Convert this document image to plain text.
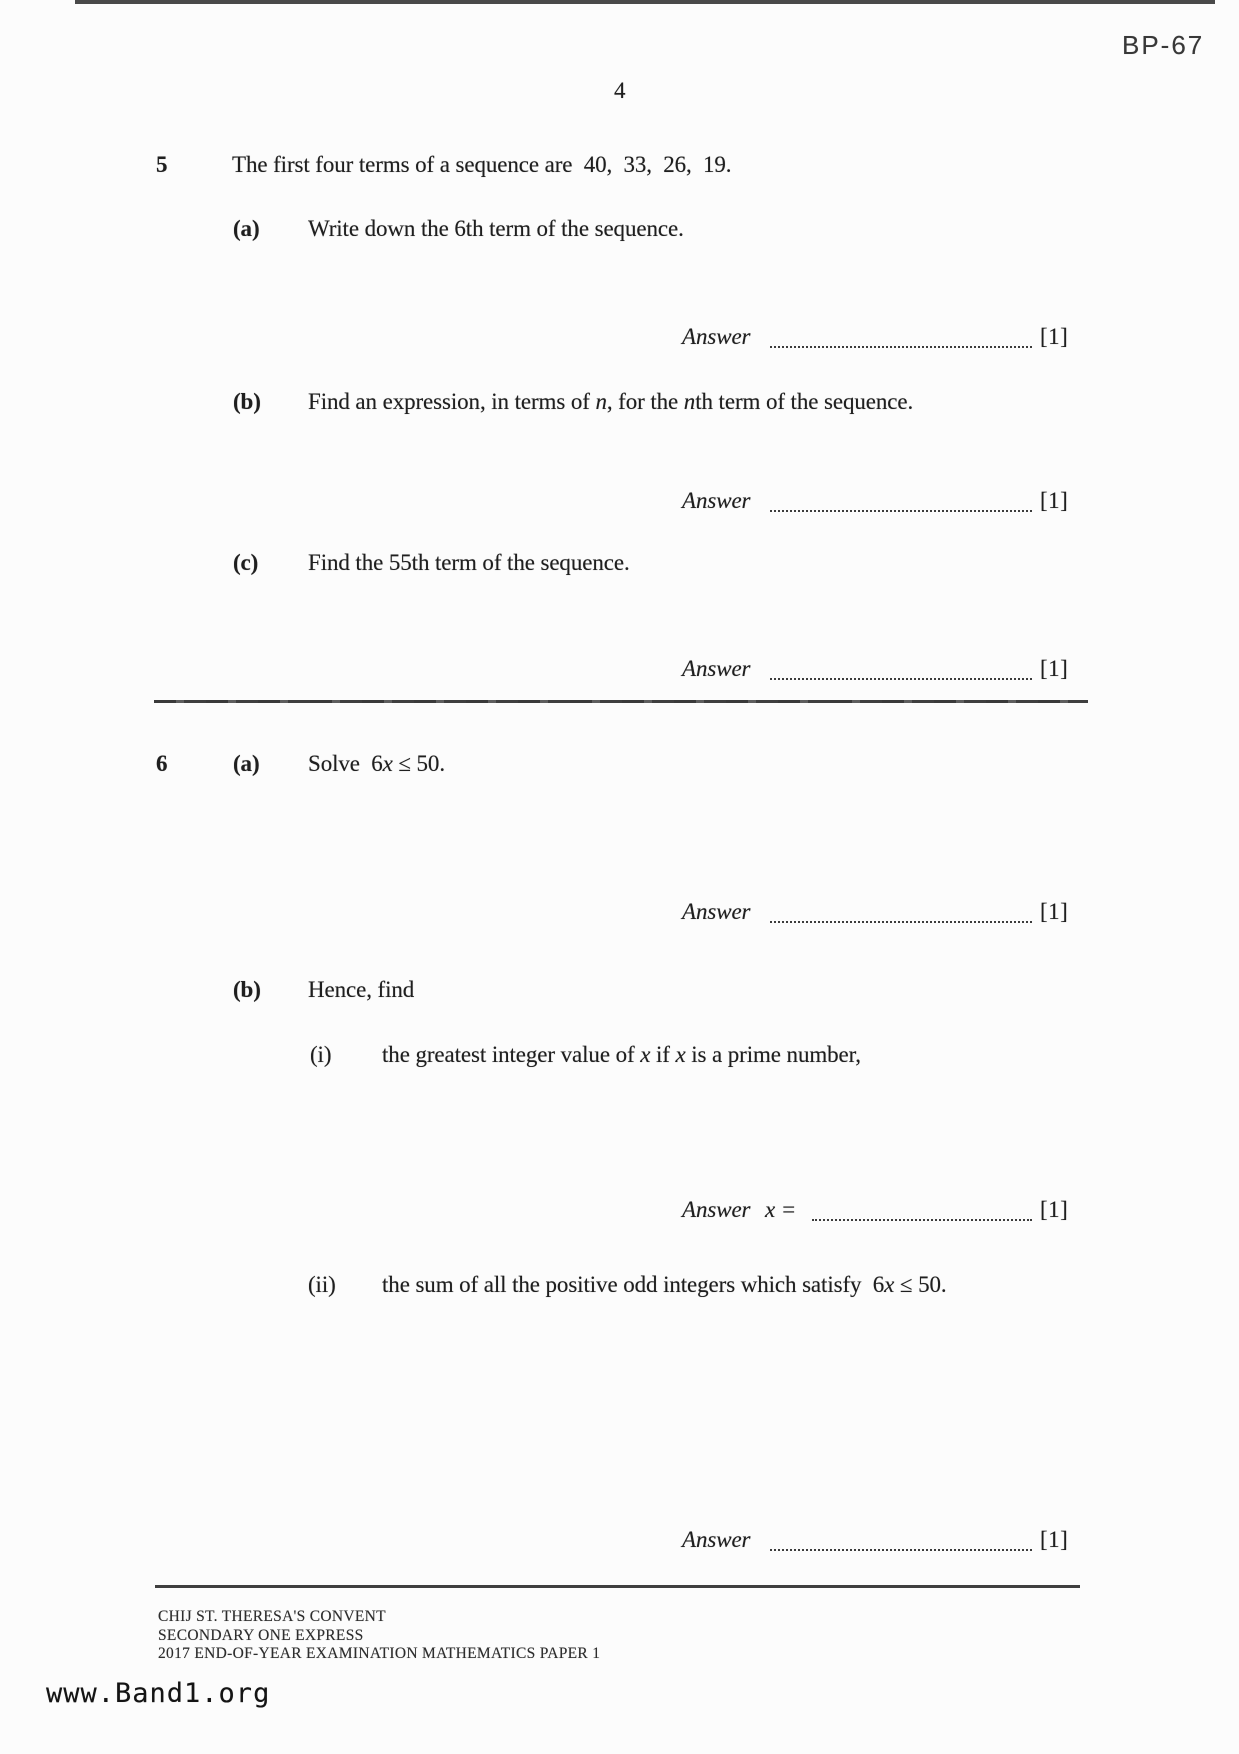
BP-67
4
5	The first four terms of a sequence are  40,  33,  26,  19.
(a) Write down the 6th term of the sequence.
Answer	[1]
(b) Find an expression, in terms of n, for the nth term of the sequence.
Answer	[1]
(c) Find the 55th term of the sequence.
Answer	[1]
6	(a) Solve  6x ≤ 50.
Answer	[1]
(b) Hence, find
(i) the greatest integer value of x if x is a prime number,
Answer x =	[1]
(ii) the sum of all the positive odd integers which satisfy  6x ≤ 50.
Answer	[1]
CHIJ ST. THERESA'S CONVENT
SECONDARY ONE EXPRESS
2017 END-OF-YEAR EXAMINATION MATHEMATICS PAPER 1
www.Band1.org
